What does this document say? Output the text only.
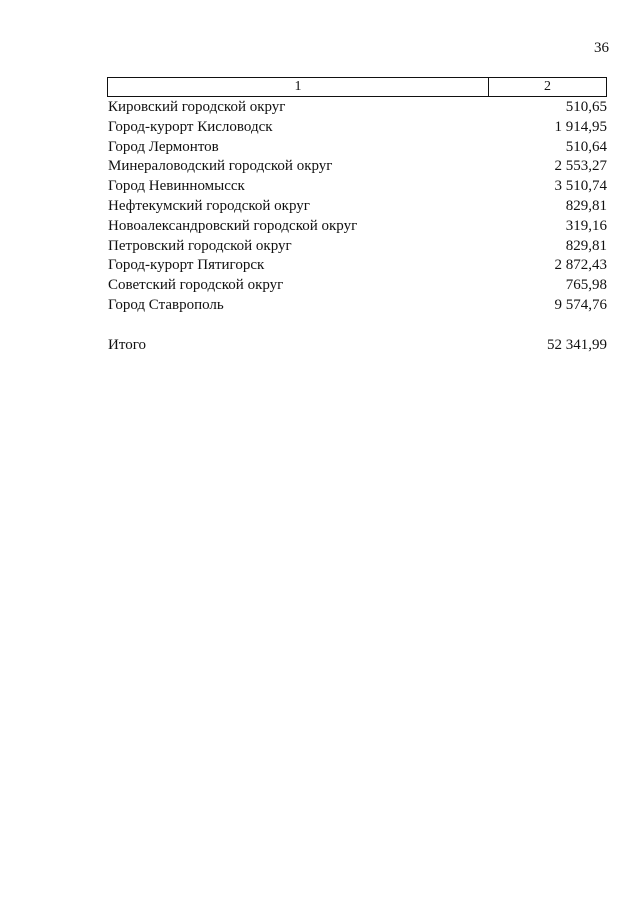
36
1	2
Кировский городской округ	510,65
Город-курорт Кисловодск	1 914,95
Город Лермонтов	510,64
Минераловодский городской округ	2 553,27
Город Невинномысск	3 510,74
Нефтекумский городской округ	829,81
Новоалександровский городской округ	319,16
Петровский городской округ	829,81
Город-курорт Пятигорск	2 872,43
Советский городской округ	765,98
Город Ставрополь	9 574,76
Итого	52 341,99
